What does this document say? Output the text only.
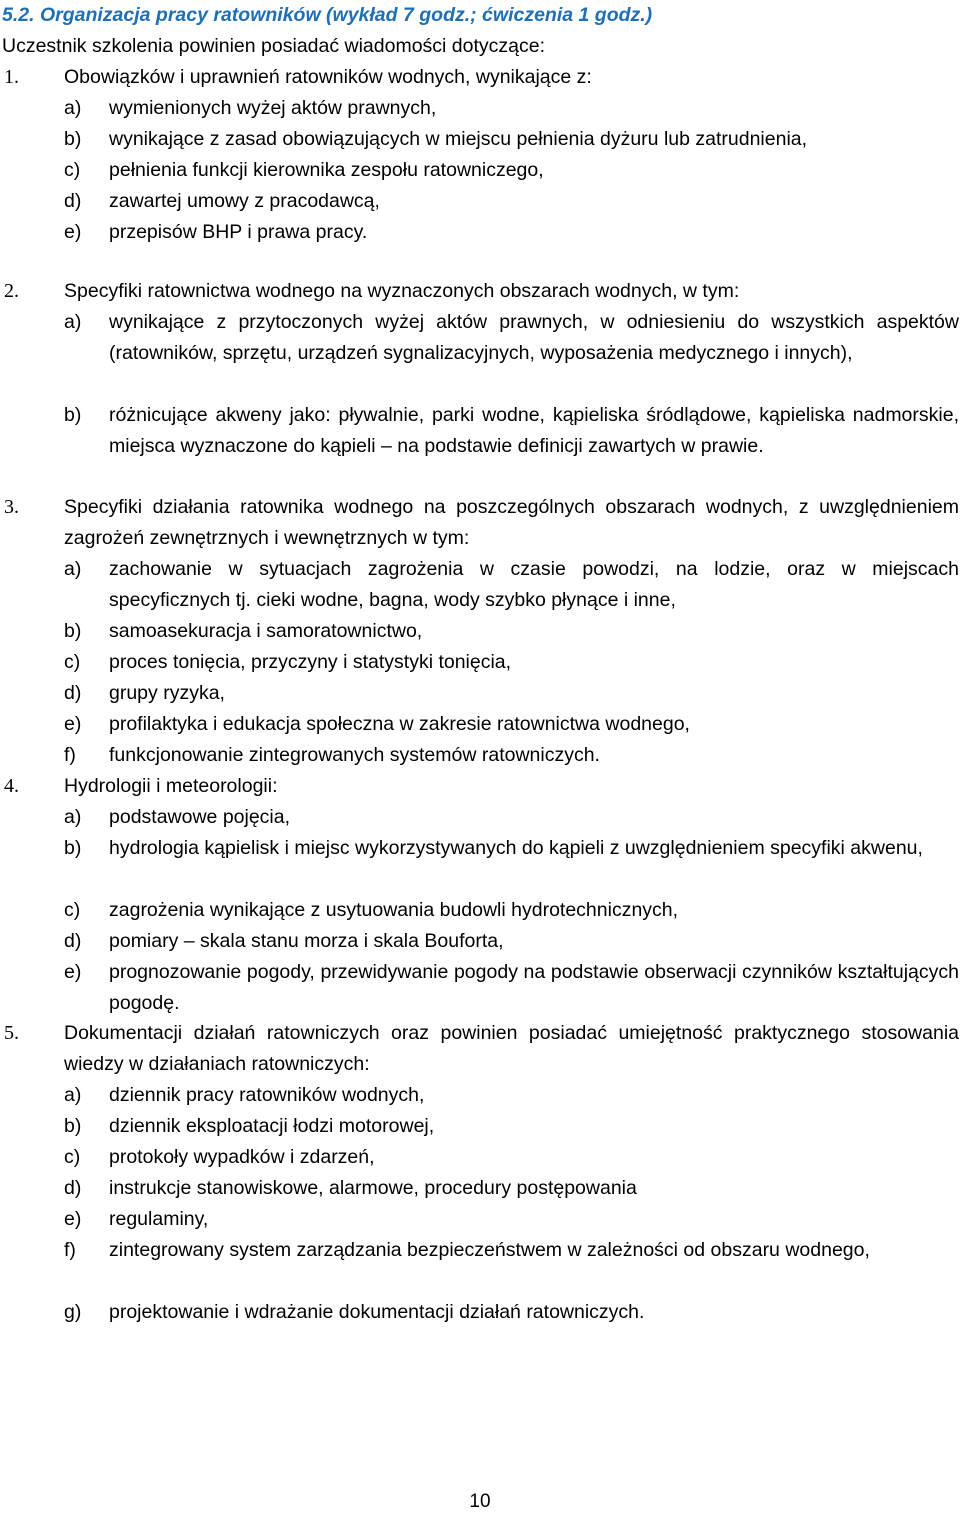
5.2. Organizacja pracy ratowników (wykład 7 godz.; ćwiczenia 1 godz.)
Uczestnik szkolenia powinien posiadać wiadomości dotyczące:
1.	Obowiązków i uprawnień ratowników wodnych, wynikające z:
a)	wymienionych wyżej aktów prawnych,
b)	wynikające z zasad obowiązujących w miejscu pełnienia dyżuru lub zatrudnienia,
c)	pełnienia funkcji kierownika zespołu ratowniczego,
d)	zawartej umowy z pracodawcą,
e)	przepisów BHP i prawa pracy.
2.	Specyfiki ratownictwa wodnego na wyznaczonych obszarach wodnych, w tym:
a)	wynikające z przytoczonych wyżej aktów prawnych, w odniesieniu do wszystkich aspektów (ratowników, sprzętu, urządzeń sygnalizacyjnych, wyposażenia medycznego i innych),
b)	różnicujące akweny jako: pływalnie, parki wodne, kąpieliska śródlądowe, kąpieliska nadmorskie, miejsca wyznaczone do kąpieli – na podstawie definicji zawartych w prawie.
3.	Specyfiki działania ratownika wodnego na poszczególnych obszarach wodnych, z uwzględnieniem zagrożeń zewnętrznych i wewnętrznych w tym:
a)	zachowanie w sytuacjach zagrożenia w czasie powodzi, na lodzie, oraz w miejscach specyficznych tj. cieki wodne, bagna, wody szybko płynące i inne,
b)	samoasekuracja i samoratownictwo,
c)	proces tonięcia, przyczyny i statystyki tonięcia,
d)	grupy ryzyka,
e)	profilaktyka i edukacja społeczna w zakresie ratownictwa wodnego,
f)	funkcjonowanie zintegrowanych systemów ratowniczych.
4.	Hydrologii i meteorologii:
a)	podstawowe pojęcia,
b)	hydrologia kąpielisk i miejsc wykorzystywanych do kąpieli z uwzględnieniem specyfiki akwenu,
c)	zagrożenia wynikające z usytuowania budowli hydrotechnicznych,
d)	pomiary – skala stanu morza i skala Bouforta,
e)	prognozowanie pogody, przewidywanie pogody na podstawie obserwacji czynników kształtujących pogodę.
5.	Dokumentacji działań ratowniczych oraz powinien posiadać umiejętność praktycznego stosowania wiedzy w działaniach ratowniczych:
a)	dziennik pracy ratowników wodnych,
b)	dziennik eksploatacji łodzi motorowej,
c)	protokoły wypadków i zdarzeń,
d)	instrukcje stanowiskowe, alarmowe, procedury postępowania
e)	regulaminy,
f)	zintegrowany system zarządzania bezpieczeństwem w zależności od obszaru wodnego,
g)	projektowanie i wdrażanie dokumentacji działań ratowniczych.
10
